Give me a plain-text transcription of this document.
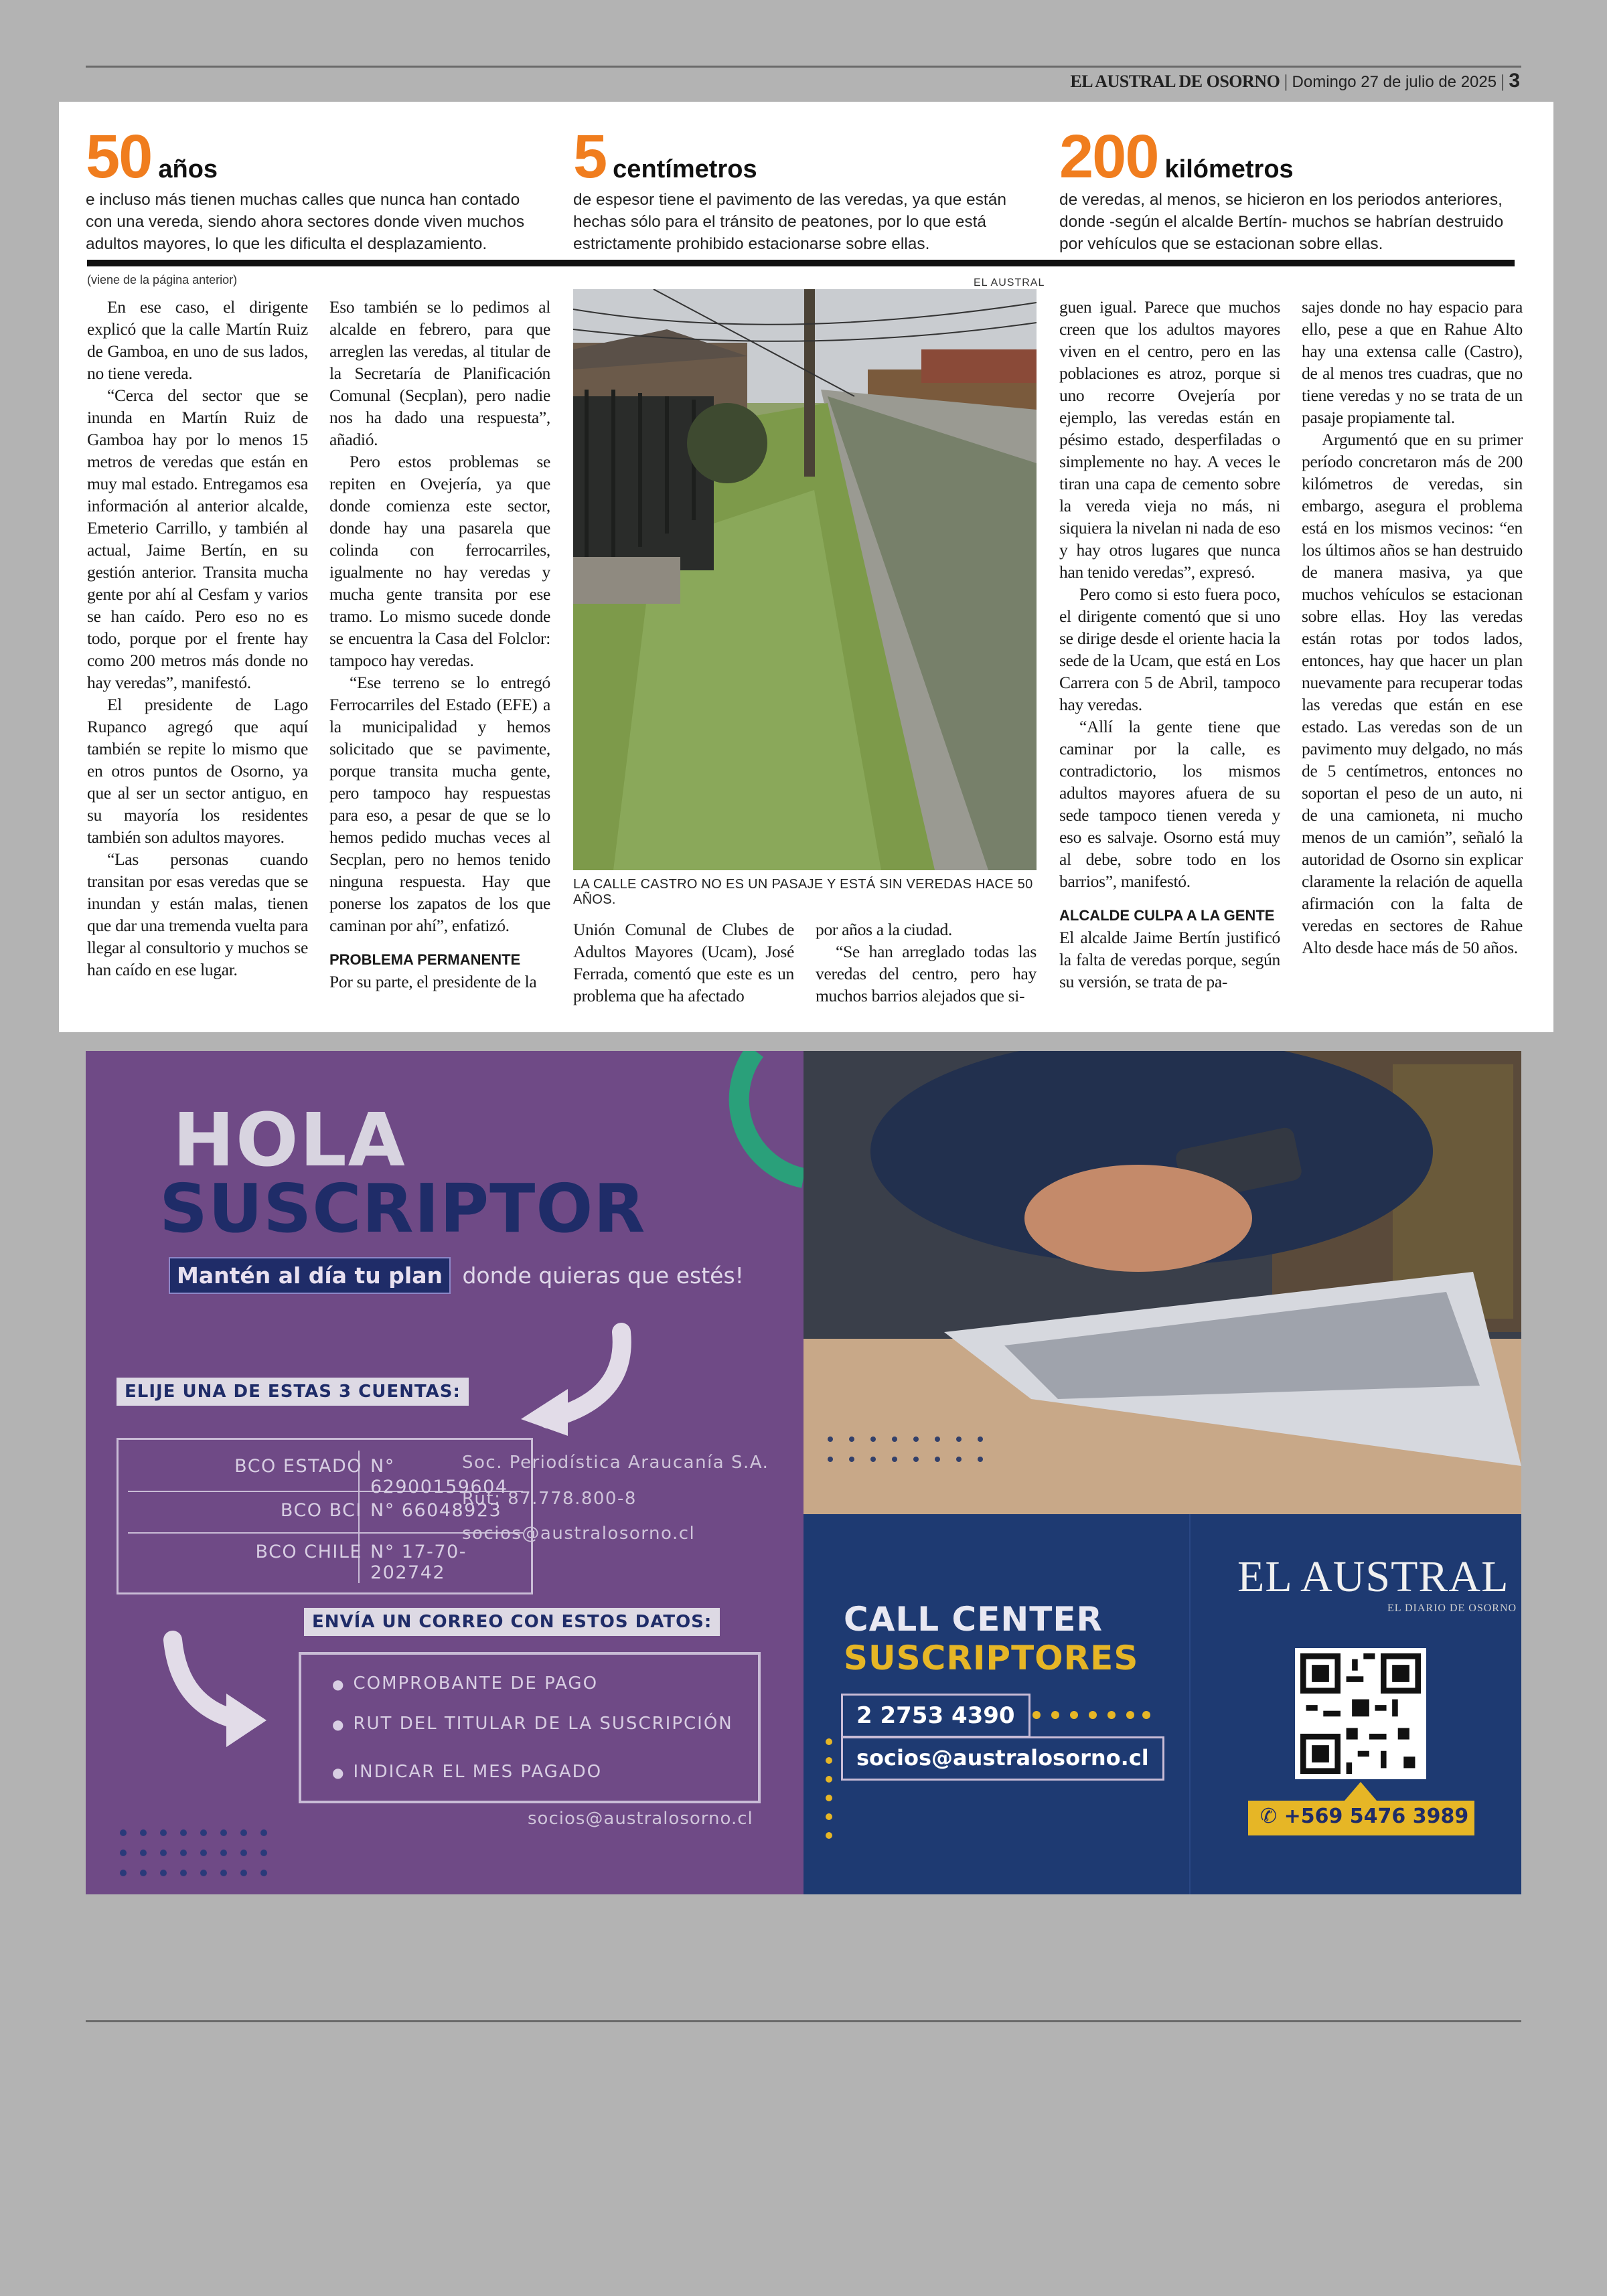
EL AUSTRAL DE OSORNO | Domingo 27 de julio de 2025 | 3
50 años
e incluso más tienen muchas calles que nunca han contado con una vereda, siendo ahora sectores donde viven muchos adultos mayores, lo que les dificulta el desplazamiento.
5 centímetros
de espesor tiene el pavimento de las veredas, ya que están hechas sólo para el tránsito de peatones, por lo que está estrictamente prohibido estacionarse sobre ellas.
200 kilómetros
de veredas, al menos, se hicieron en los periodos anteriores, donde -según el alcalde Bertín- muchos se habrían destruido por vehículos que se estacionan sobre ellas.
(viene de la página anterior)	EL AUSTRAL

En ese caso, el dirigente explicó que la calle Martín Ruiz de Gamboa, en uno de sus lados, no tiene vereda.

“Cerca del sector que se inunda en Martín Ruiz de Gamboa hay por lo menos 15 metros de veredas que están en muy mal estado. Entregamos esa información al anterior alcalde, Emeterio Carrillo, y también al actual, Jaime Bertín, en su gestión anterior. Transita mucha gente por ahí al Cesfam y varios se han caído. Pero eso no es todo, porque por el frente hay como 200 metros más donde no hay veredas”, manifestó.

El presidente de Lago Rupanco agregó que aquí también se repite lo mismo que en otros puntos de Osorno, ya que al ser un sector antiguo, en su mayoría los residentes también son adultos mayores.

“Las personas cuando transitan por esas veredas que se inundan y están malas, tienen que dar una tremenda vuelta para llegar al consultorio y muchos se han caído en ese lugar.

Eso también se lo pedimos al alcalde en febrero, para que arreglen las veredas, al titular de la Secretaría de Planificación Comunal (Secplan), pero nadie nos ha dado una respuesta”, añadió.

Pero estos problemas se repiten en Ovejería, ya que donde comienza este sector, donde hay una pasarela que colinda con ferrocarriles, igualmente no hay veredas y mucha gente transita por ese tramo. Lo mismo sucede donde se encuentra la Casa del Folclor: tampoco hay veredas.

“Ese terreno se lo entregó Ferrocarriles del Estado (EFE) a la municipalidad y hemos solicitado que se pavimente, porque transita mucha gente, pero tampoco hay respuestas para eso, a pesar de que se lo hemos pedido muchas veces al Secplan, pero no hemos tenido ninguna respuesta. Hay que ponerse los zapatos de los que caminan por ahí”, enfatizó.

PROBLEMA PERMANENTE

Por su parte, el presidente de la

LA CALLE CASTRO NO ES UN PASAJE Y ESTÁ SIN VEREDAS HACE 50 AÑOS.
Unión Comunal de Clubes de Adultos Mayores (Ucam), José Ferrada, comentó que este es un problema que ha afectado

por años a la ciudad.

“Se han arreglado todas las veredas del centro, pero hay muchos barrios alejados que si-

guen igual. Parece que muchos creen que los adultos mayores viven en el centro, pero en las poblaciones es atroz, porque si uno recorre Ovejería por ejemplo, las veredas están en pésimo estado, desperfiladas o simplemente no hay. A veces le tiran una capa de cemento sobre la vereda vieja no más, ni siquiera la nivelan ni nada de eso y hay otros lugares que nunca han tenido veredas”, expresó.

Pero como si esto fuera poco, el dirigente comentó que si uno se dirige desde el oriente hacia la sede de la Ucam, que está en Los Carrera con 5 de Abril, tampoco hay veredas.

“Allí la gente tiene que caminar por la calle, es contradictorio, los mismos adultos mayores afuera de su sede tampoco tienen vereda y eso es salvaje. Osorno está muy al debe, sobre todo en los barrios”, manifestó.

ALCALDE CULPA A LA GENTE

El alcalde Jaime Bertín justificó la falta de veredas porque, según su versión, se trata de pa-

sajes donde no hay espacio para ello, pese a que en Rahue Alto hay una extensa calle (Castro), de al menos tres cuadras, que no tiene veredas y no se trata de un pasaje propiamente tal.

Argumentó que en su primer período concretaron más de 200 kilómetros de veredas, sin embargo, asegura el problema está en los mismos vecinos: “en los últimos años se han destruido de manera masiva, ya que muchos vehículos se estacionan sobre ellas. Hoy las veredas están rotas por todos lados, entonces, hay que hacer un plan nuevamente para recuperar todas las veredas que están en ese estado. Las veredas son de un pavimento muy delgado, no más de 5 centímetros, entonces no soportan el peso de un auto, ni de una camioneta, ni mucho menos de un camión”, señaló la autoridad de Osorno sin explicar claramente la relación de aquella afirmación con la falta de veredas en sectores de Rahue Alto desde hace más de 50 años.

HOLA
SUSCRIPTOR
Mantén al día tu plan donde quieras que estés!
ELIJE UNA DE ESTAS 3 CUENTAS:
BCO ESTADO N° 62900159604
BCO BCI N° 66048923
BCO CHILE N° 17-70-202742
Soc. Periodística Araucanía S.A.
Rut: 87.778.800-8
socios@australosorno.cl
ENVÍA UN CORREO CON ESTOS DATOS:
● COMPROBANTE DE PAGO
● RUT DEL TITULAR DE LA SUSCRIPCIÓN
● INDICAR EL MES PAGADO
socios@australosorno.cl
CALL CENTER
SUSCRIPTORES
2 2753 4390
socios@australosorno.cl
EL AUSTRAL
EL DIARIO DE OSORNO
✆ +569 5476 3989
